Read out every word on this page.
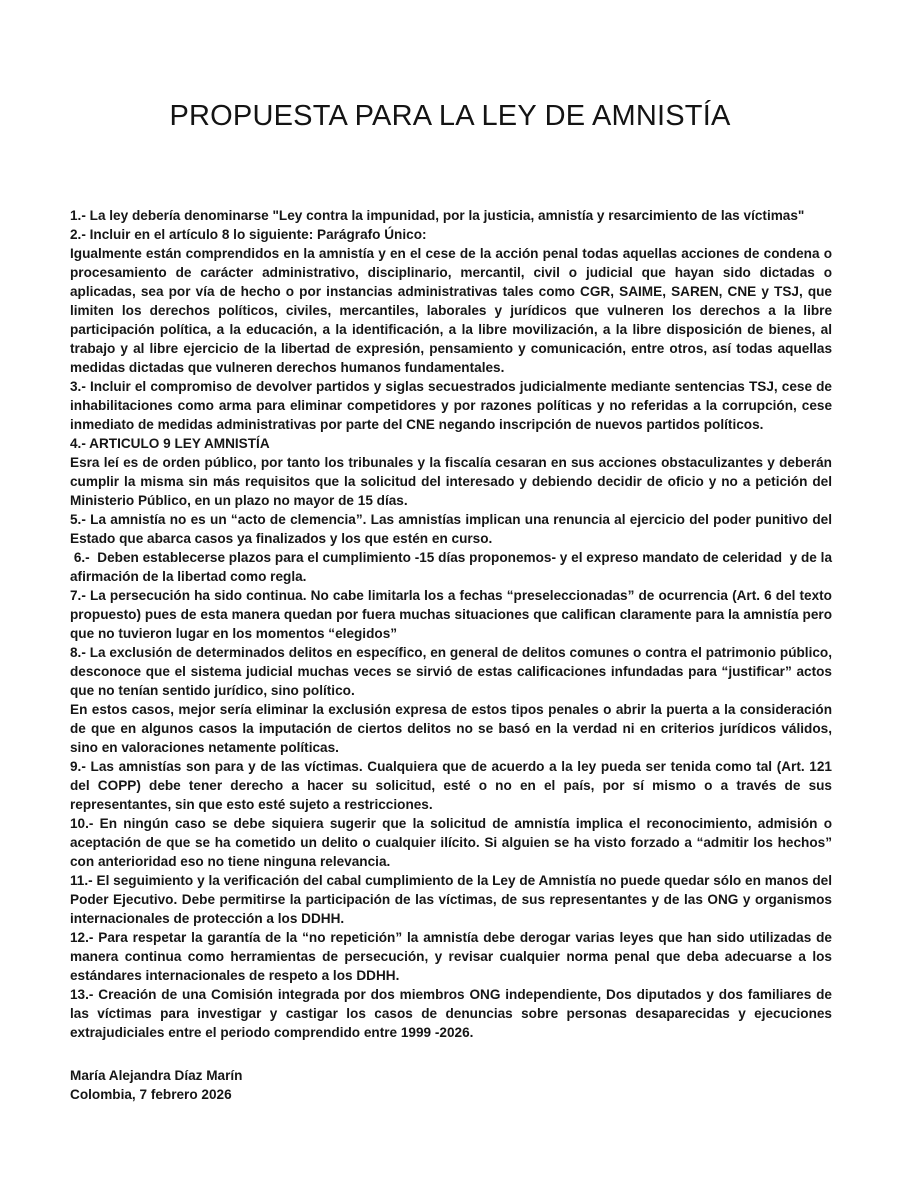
PROPUESTA PARA LA LEY DE AMNISTÍA

1.- La ley debería denominarse "Ley contra la impunidad, por la justicia, amnistía y resarcimiento de las víctimas"

2.- Incluir en el artículo 8 lo siguiente: Parágrafo Único:

Igualmente están comprendidos en la amnistía y en el cese de la acción penal todas aquellas acciones de condena o procesamiento de carácter administrativo, disciplinario, mercantil, civil o judicial que hayan sido dictadas o aplicadas, sea por vía de hecho o por instancias administrativas tales como CGR, SAIME, SAREN, CNE y TSJ, que limiten los derechos políticos, civiles, mercantiles, laborales y jurídicos que vulneren los derechos a la libre participación política, a la educación, a la identificación, a la libre movilización, a la libre disposición de bienes, al trabajo y al libre ejercicio de la libertad de expresión, pensamiento y comunicación, entre otros, así todas aquellas medidas dictadas que vulneren derechos humanos fundamentales.

3.- Incluir el compromiso de devolver partidos y siglas secuestrados judicialmente mediante sentencias TSJ, cese de inhabilitaciones como arma para eliminar competidores y por razones políticas y no referidas a la corrupción, cese inmediato de medidas administrativas por parte del CNE negando inscripción de nuevos partidos políticos.

4.- ARTICULO 9 LEY AMNISTÍA

Esra leí es de orden público, por tanto los tribunales y la fiscalía cesaran en sus acciones obstaculizantes y deberán cumplir la misma sin más requisitos que la solicitud del interesado y debiendo decidir de oficio y no a petición del Ministerio Público, en un plazo no mayor de 15 días.

5.- La amnistía no es un “acto de clemencia”. Las amnistías implican una renuncia al ejercicio del poder punitivo del Estado que abarca casos ya finalizados y los que estén en curso.

6.-  Deben establecerse plazos para el cumplimiento -15 días proponemos- y el expreso mandato de celeridad  y de la afirmación de la libertad como regla.

7.- La persecución ha sido continua. No cabe limitarla los a fechas “preseleccionadas” de ocurrencia (Art. 6 del texto propuesto) pues de esta manera quedan por fuera muchas situaciones que califican claramente para la amnistía pero que no tuvieron lugar en los momentos “elegidos”

8.- La exclusión de determinados delitos en específico, en general de delitos comunes o contra el patrimonio público, desconoce que el sistema judicial muchas veces se sirvió de estas calificaciones infundadas para “justificar” actos que no tenían sentido jurídico, sino político.

En estos casos, mejor sería eliminar la exclusión expresa de estos tipos penales o abrir la puerta a la consideración de que en algunos casos la imputación de ciertos delitos no se basó en la verdad ni en criterios jurídicos válidos, sino en valoraciones netamente políticas.

9.- Las amnistías son para y de las víctimas. Cualquiera que de acuerdo a la ley pueda ser tenida como tal (Art. 121 del COPP) debe tener derecho a hacer su solicitud, esté o no en el país, por sí mismo o a través de sus representantes, sin que esto esté sujeto a restricciones.

10.- En ningún caso se debe siquiera sugerir que la solicitud de amnistía implica el reconocimiento, admisión o aceptación de que se ha cometido un delito o cualquier ilícito. Si alguien se ha visto forzado a “admitir los hechos” con anterioridad eso no tiene ninguna relevancia.

11.- El seguimiento y la verificación del cabal cumplimiento de la Ley de Amnistía no puede quedar sólo en manos del Poder Ejecutivo. Debe permitirse la participación de las víctimas, de sus representantes y de las ONG y organismos internacionales de protección a los DDHH.

12.- Para respetar la garantía de la “no repetición” la amnistía debe derogar varias leyes que han sido utilizadas de manera continua como herramientas de persecución, y revisar cualquier norma penal que deba adecuarse a los estándares internacionales de respeto a los DDHH.

13.- Creación de una Comisión integrada por dos miembros ONG independiente, Dos diputados y dos familiares de las víctimas para investigar y castigar los casos de denuncias sobre personas desaparecidas y ejecuciones extrajudiciales entre el periodo comprendido entre 1999 -2026.

María Alejandra Díaz Marín

Colombia, 7 febrero 2026
